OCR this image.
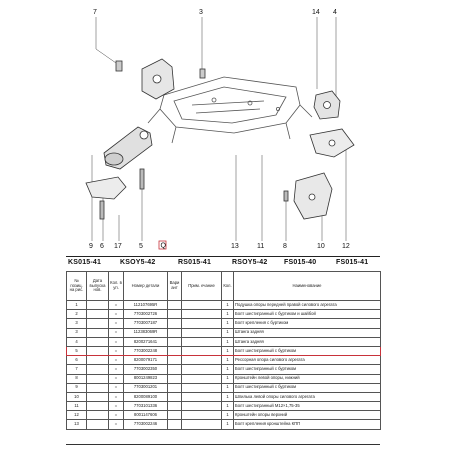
7	3	14 4
9 6 17 5	13	11	8	10 12
Q
KS015-41	KSOY5-42	RS015-41	RSOY5-42 FS015-40	FS015-41
№ позиц. на рис.	Дата выпуска нов.	Кол. в уп.	Номер детали	Вари ант	Прим. ечание	Кол.	Наименование
1		=	112107695R			1	Подушка опоры передней правой силового агрегата
2		=	7703002726			1	Болт шестигранный с буртиком и шайбой
3		=	7703007187			1	Болт крепления с буртиком
3		=	112383069R			1	Штанга задняя
4		=	8200271641			1	Штанга задняя
5		=	7703002248			1	Болт шестигранный с буртиком
6		=	8200079171			1	Рессорная опора силового агрегата
7		=	7703002350			1	Болт шестигранный с буртиком
8		=	8001249823			1	Кронштейн левой опоры, нижний
9		=	7703001201			1	Болт шестигранный с буртиком
10		=	8200089100			1	Шпилька левой опоры силового агрегата
11		=	7703101336			1	Болт шестигранный M12×1,75-35
12		=	8001147606			1	Кронштейн опоры верхний
13		=	7703002246			1	Болт крепления кронштейна КПП
